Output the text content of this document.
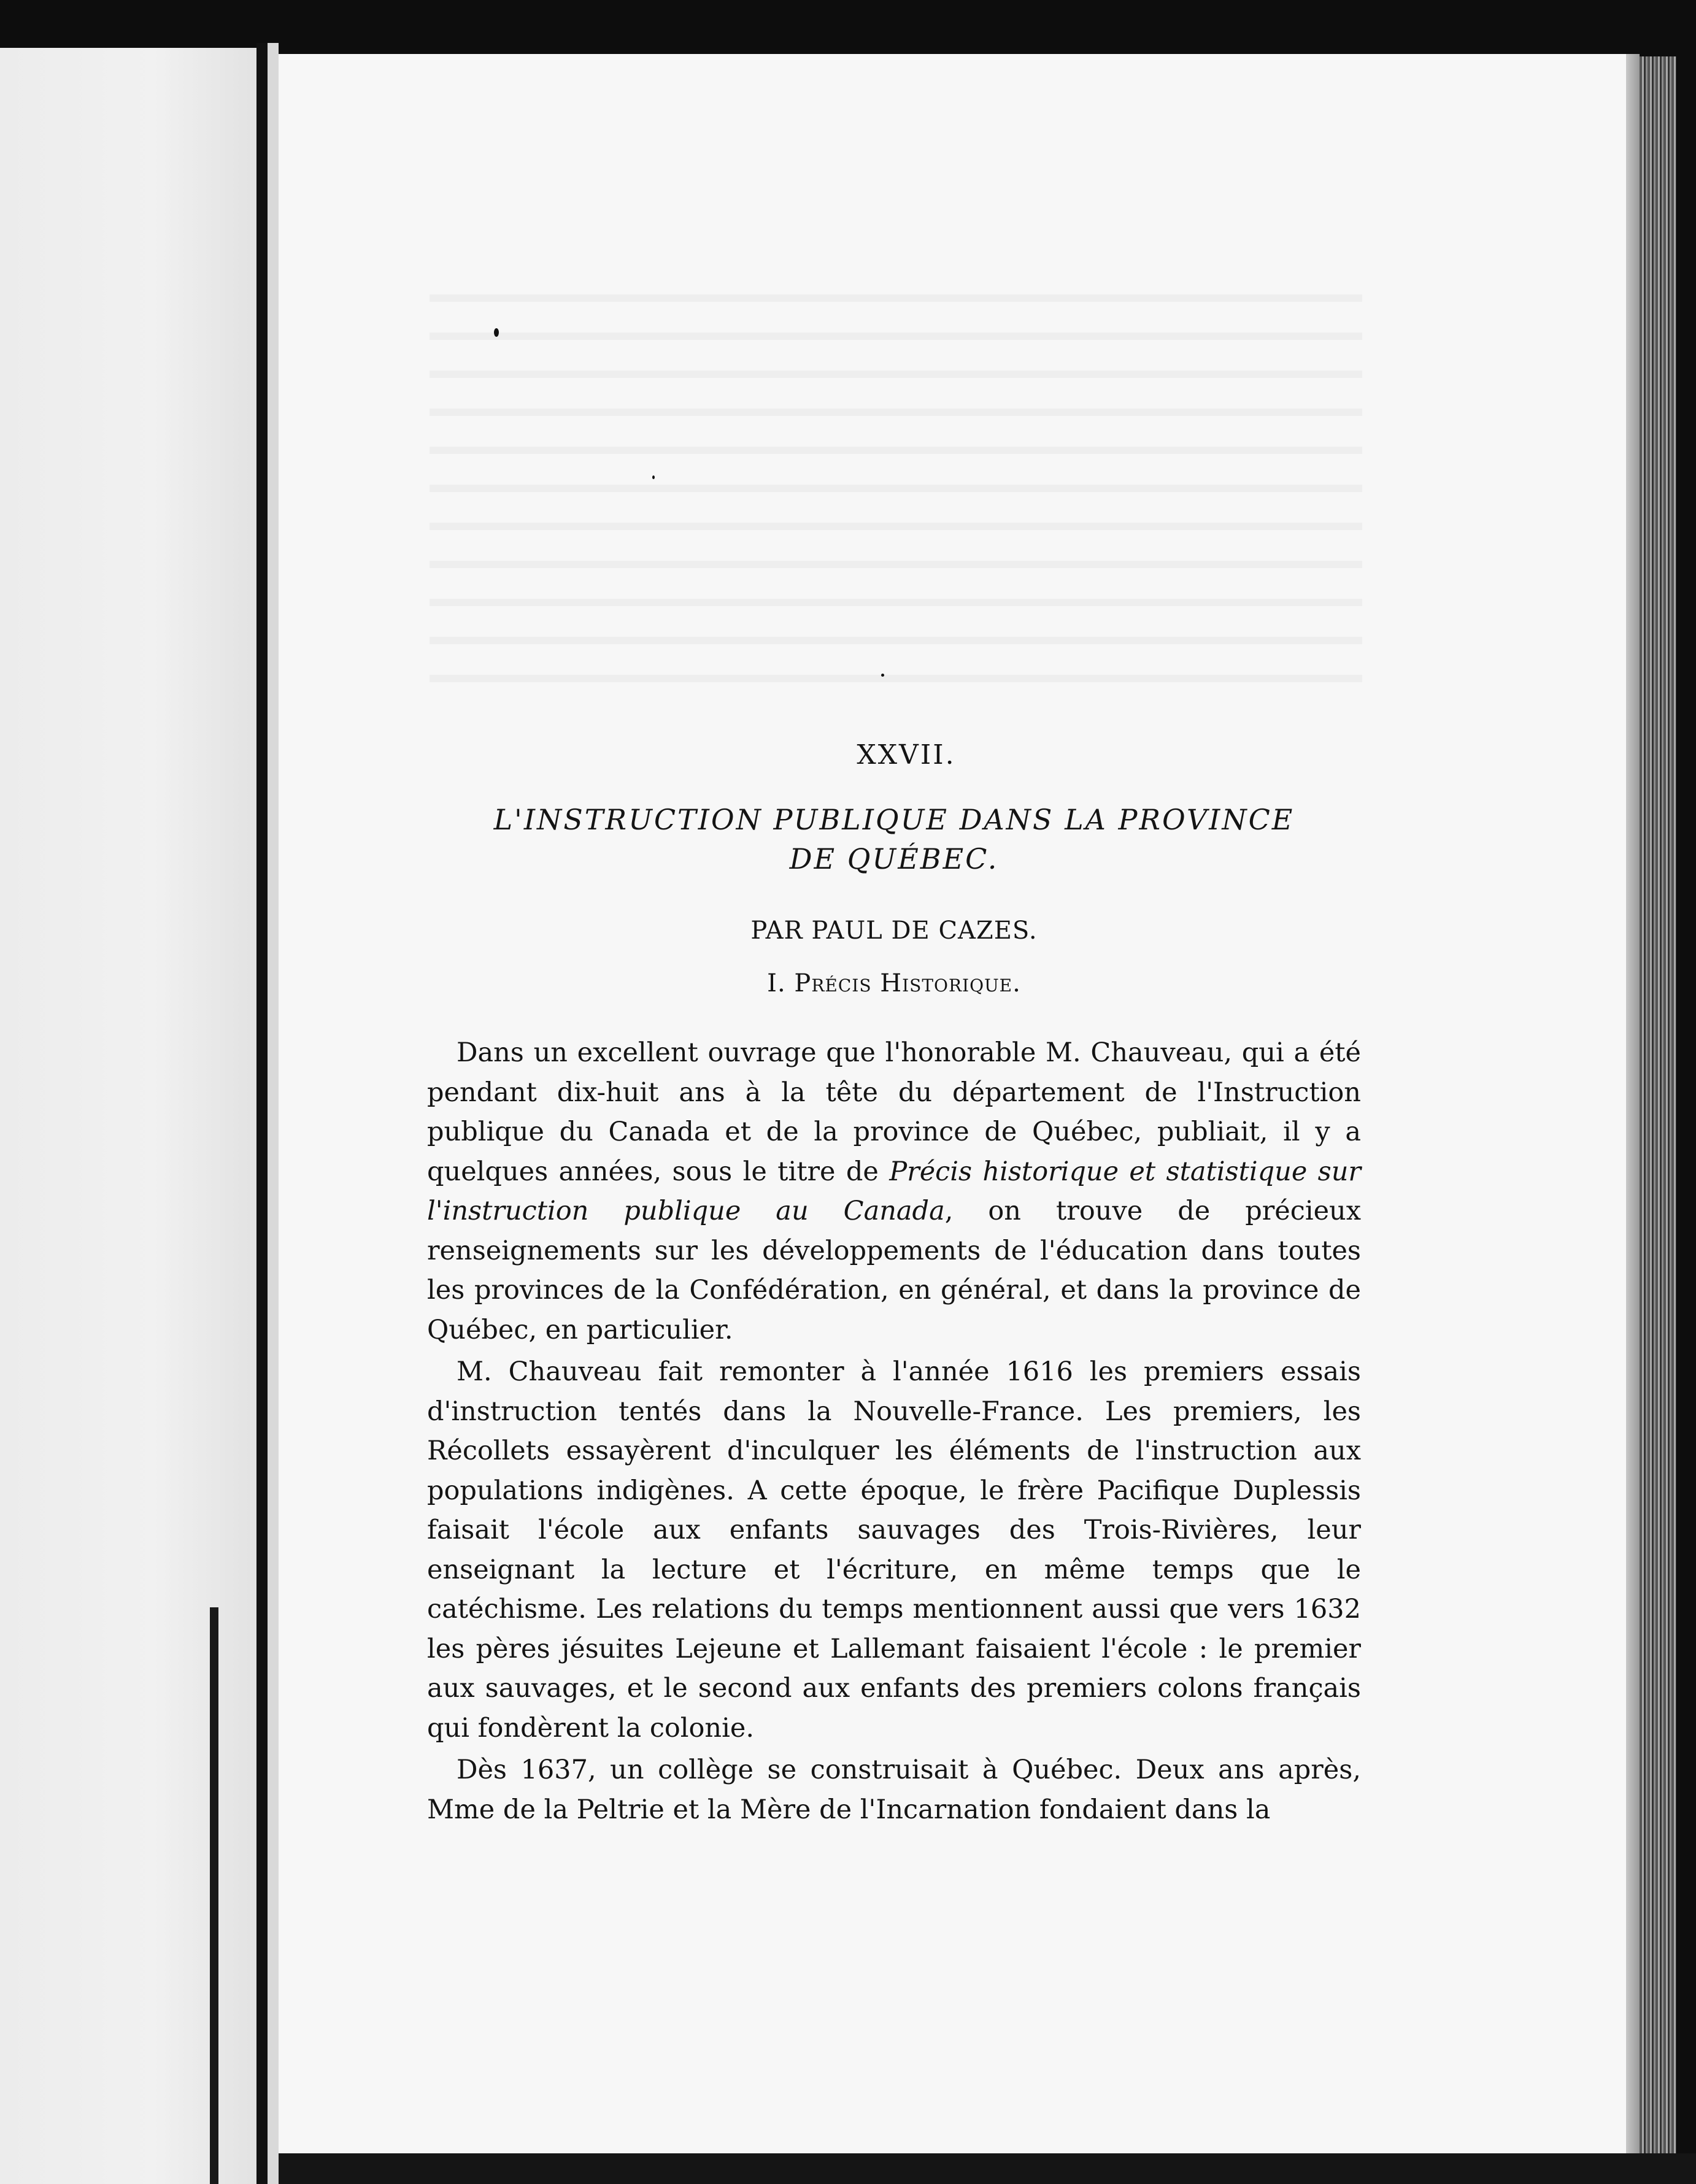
XXVII.
L'INSTRUCTION PUBLIQUE DANS LA PROVINCE
DE QUÉBEC.
PAR PAUL DE CAZES.
I. Précis Historique.

Dans un excellent ouvrage que l'honorable M. Chauveau, qui a été pendant dix-huit ans à la tête du département de l'Instruction publique du Canada et de la province de Québec, publiait, il y a quelques années, sous le titre de Précis historique et statistique sur l'instruction publique au Canada, on trouve de précieux renseignements sur les développements de l'éducation dans toutes les provinces de la Confédération, en général, et dans la province de Québec, en particulier.

M. Chauveau fait remonter à l'année 1616 les premiers essais d'instruction tentés dans la Nouvelle-France. Les premiers, les Récollets essayèrent d'inculquer les éléments de l'instruction aux populations indigènes. A cette époque, le frère Pacifique Duplessis faisait l'école aux enfants sauvages des Trois-Rivières, leur enseignant la lecture et l'écriture, en même temps que le catéchisme. Les relations du temps mentionnent aussi que vers 1632 les pères jésuites Lejeune et Lallemant faisaient l'école : le premier aux sauvages, et le second aux enfants des premiers colons français qui fondèrent la colonie.

Dès 1637, un collège se construisait à Québec. Deux ans après, Mme de la Peltrie et la Mère de l'Incarnation fondaient dans la
